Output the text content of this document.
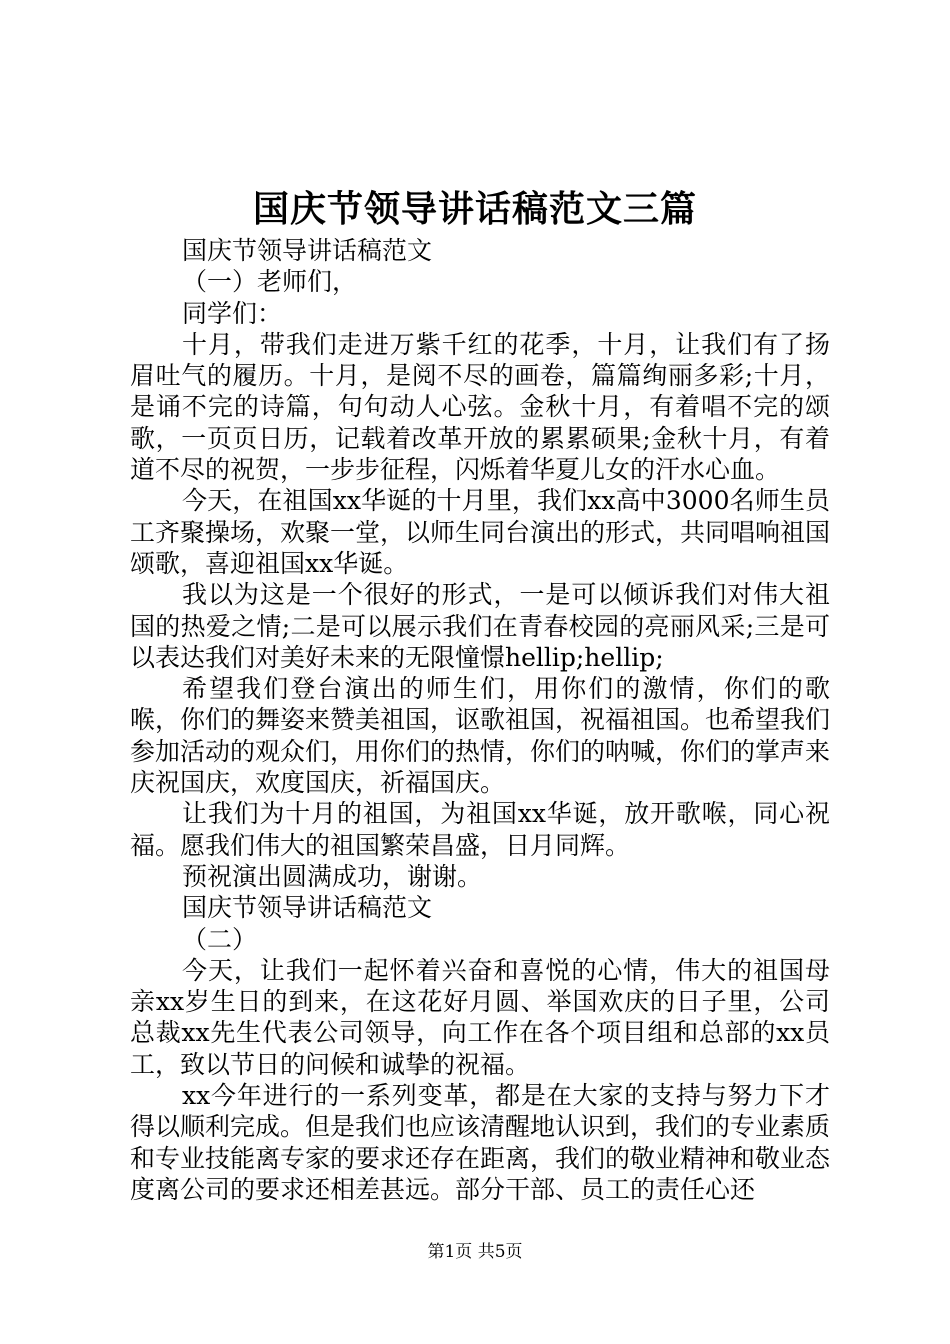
国庆节领导讲话稿范文三篇

国庆节领导讲话稿范文

（一）老师们，

同学们：

十月，带我们走进万紫千红的花季，十月，让我们有了扬眉吐气的履历。十月，是阅不尽的画卷，篇篇绚丽多彩;十月，是诵不完的诗篇，句句动人心弦。金秋十月，有着唱不完的颂歌，一页页日历，记载着改革开放的累累硕果;金秋十月，有着道不尽的祝贺，一步步征程，闪烁着华夏儿女的汗水心血。

今天，在祖国xx华诞的十月里，我们xx高中3000名师生员工齐聚操场，欢聚一堂，以师生同台演出的形式，共同唱响祖国颂歌，喜迎祖国xx华诞。

我以为这是一个很好的形式，一是可以倾诉我们对伟大祖国的热爱之情;二是可以展示我们在青春校园的亮丽风采;三是可以表达我们对美好未来的无限憧憬hellip;hellip;

希望我们登台演出的师生们，用你们的激情，你们的歌喉，你们的舞姿来赞美祖国，讴歌祖国，祝福祖国。也希望我们参加活动的观众们，用你们的热情，你们的呐喊，你们的掌声来庆祝国庆，欢度国庆，祈福国庆。

让我们为十月的祖国，为祖国xx华诞，放开歌喉，同心祝福。愿我们伟大的祖国繁荣昌盛，日月同辉。

预祝演出圆满成功，谢谢。

国庆节领导讲话稿范文

（二）

今天，让我们一起怀着兴奋和喜悦的心情，伟大的祖国母亲xx岁生日的到来，在这花好月圆、举国欢庆的日子里，公司总裁xx先生代表公司领导，向工作在各个项目组和总部的xx员工，致以节日的问候和诚挚的祝福。

xx今年进行的一系列变革，都是在大家的支持与努力下才得以顺利完成。但是我们也应该清醒地认识到，我们的专业素质和专业技能离专家的要求还存在距离，我们的敬业精神和敬业态度离公司的要求还相差甚远。部分干部、员工的责任心还

第1页 共5页
